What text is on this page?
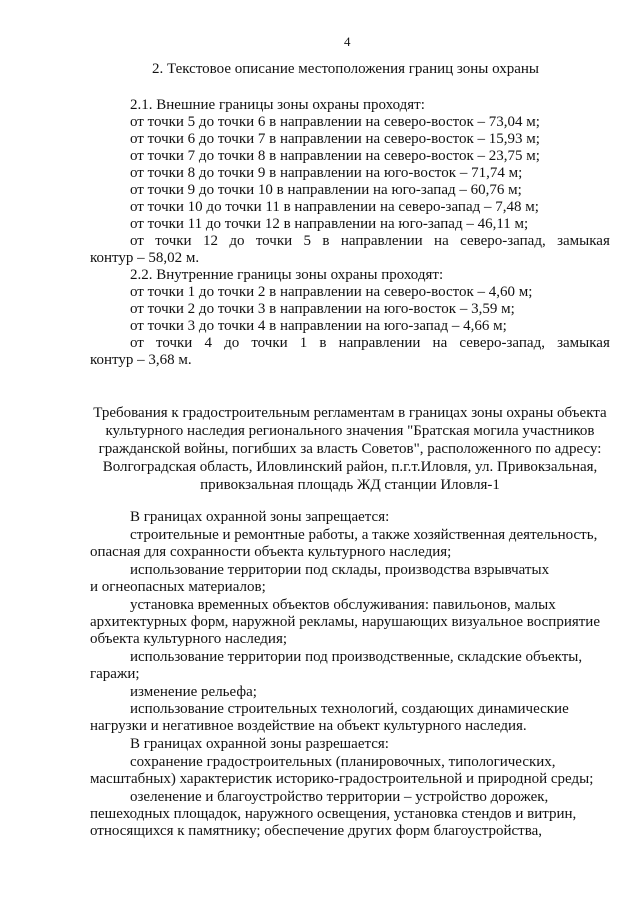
4
2. Текстовое описание местоположения границ зоны охраны
2.1. Внешние границы зоны охраны проходят:
от точки 5 до точки 6 в направлении на северо-восток – 73,04 м;
от точки 6 до точки 7 в направлении на северо-восток – 15,93 м;
от точки 7 до точки 8 в направлении на северо-восток – 23,75 м;
от точки 8 до точки 9 в направлении на юго-восток – 71,74 м;
от точки 9 до точки 10 в направлении на юго-запад – 60,76 м;
от точки 10 до точки 11 в направлении на северо-запад – 7,48 м;
от точки 11 до точки 12 в направлении на юго-запад – 46,11 м;
от точки 12 до точки 5 в направлении на северо-запад, замыкая
контур – 58,02 м.
2.2. Внутренние границы зоны охраны проходят:
от точки 1 до точки 2 в направлении на северо-восток – 4,60 м;
от точки 2 до точки 3 в направлении на юго-восток – 3,59 м;
от точки 3 до точки 4 в направлении на юго-запад – 4,66 м;
от точки 4 до точки 1 в направлении на северо-запад, замыкая
контур – 3,68 м.
Требования к градостроительным регламентам в границах зоны охраны объекта
культурного наследия регионального значения "Братская могила участников
гражданской войны, погибших за власть Советов", расположенного по адресу:
Волгоградская область, Иловлинский район, п.г.т.Иловля, ул. Привокзальная,
привокзальная площадь ЖД станции Иловля-1
В границах охранной зоны запрещается:
строительные и ремонтные работы, а также хозяйственная деятельность,
опасная для сохранности объекта культурного наследия;
использование территории под склады, производства взрывчатых
и огнеопасных материалов;
установка временных объектов обслуживания: павильонов, малых
архитектурных форм, наружной рекламы, нарушающих визуальное восприятие
объекта культурного наследия;
использование территории под производственные, складские объекты,
гаражи;
изменение рельефа;
использование строительных технологий, создающих динамические
нагрузки и негативное воздействие на объект культурного наследия.
В границах охранной зоны разрешается:
сохранение градостроительных (планировочных, типологических,
масштабных) характеристик историко-градостроительной и природной среды;
озеленение и благоустройство территории – устройство дорожек,
пешеходных площадок, наружного освещения, установка стендов и витрин,
относящихся к памятнику; обеспечение других форм благоустройства,
